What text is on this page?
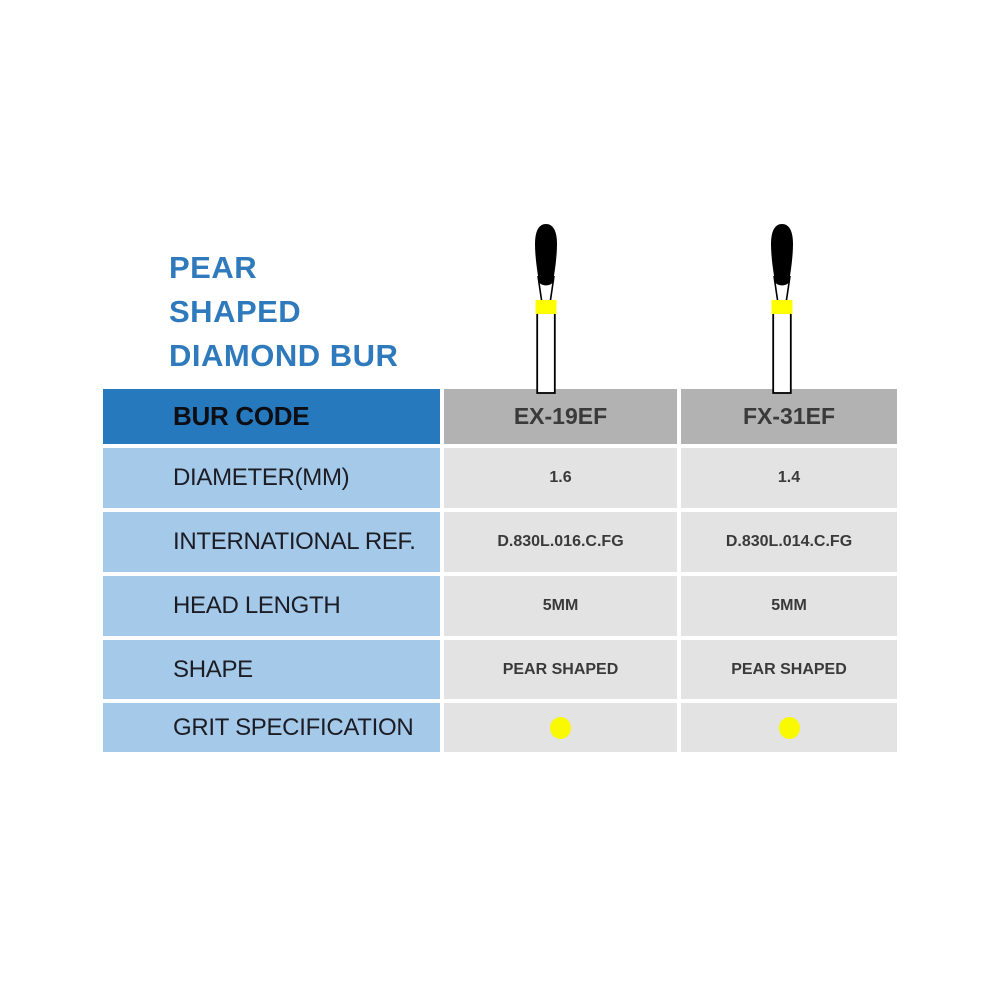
PEAR
SHAPED
DIAMOND BUR
BUR CODE	EX-19EF	FX-31EF
DIAMETER(MM)	1.6	1.4
INTERNATIONAL REF.	D.830L.016.C.FG	D.830L.014.C.FG
HEAD LENGTH	5MM	5MM
SHAPE	PEAR SHAPED	PEAR SHAPED
GRIT SPECIFICATION
